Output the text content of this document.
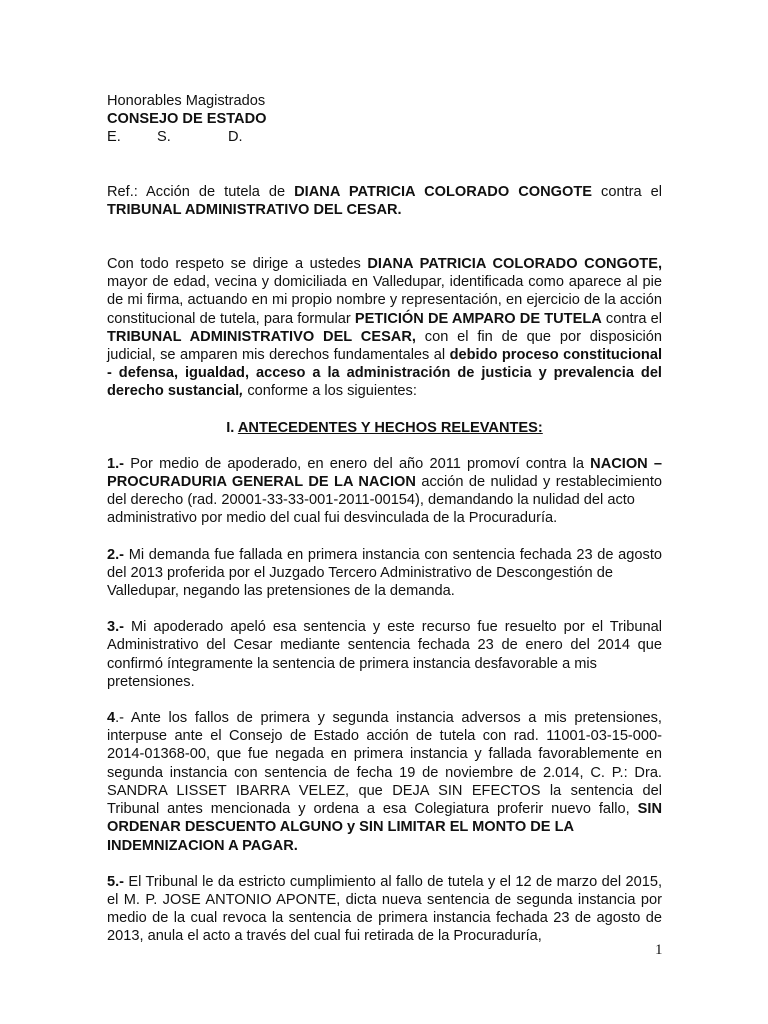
Honorables Magistrados
CONSEJO DE ESTADO
E. S.	D.
Ref.: Acción de tutela de DIANA PATRICIA COLORADO CONGOTE contra el
TRIBUNAL ADMINISTRATIVO DEL CESAR.
Con todo respeto se dirige a ustedes DIANA PATRICIA COLORADO CONGOTE, mayor de edad, vecina y domiciliada en Valledupar, identificada como aparece al pie de mi firma, actuando en mi propio nombre y representación, en ejercicio de la acción constitucional de tutela, para formular PETICIÓN DE AMPARO DE TUTELA contra el TRIBUNAL ADMINISTRATIVO DEL CESAR, con el fin de que por disposición judicial, se amparen mis derechos fundamentales al debido proceso constitucional - defensa, igualdad, acceso a la administración de justicia y prevalencia del derecho sustancial, conforme a los siguientes:
I. ANTECEDENTES Y HECHOS RELEVANTES:
1.- Por medio de apoderado, en enero del año 2011 promoví contra la NACION – PROCURADURIA GENERAL DE LA NACION acción de nulidad y restablecimiento del derecho (rad. 20001-33-33-001-2011-00154), demandando la nulidad del acto
administrativo por medio del cual fui desvinculada de la Procuraduría.
2.- Mi demanda fue fallada en primera instancia con sentencia fechada 23 de agosto del 2013 proferida por el Juzgado Tercero Administrativo de Descongestión de
Valledupar, negando las pretensiones de la demanda.
3.- Mi apoderado apeló esa sentencia y este recurso fue resuelto por el Tribunal Administrativo del Cesar mediante sentencia fechada 23 de enero del 2014 que confirmó íntegramente la sentencia de primera instancia desfavorable a mis
pretensiones.
4.- Ante los fallos de primera y segunda instancia adversos a mis pretensiones, interpuse ante el Consejo de Estado acción de tutela con rad. 11001-03-15-000-2014-01368-00, que fue negada en primera instancia y fallada favorablemente en segunda instancia con sentencia de fecha 19 de noviembre de 2.014, C. P.: Dra. SANDRA LISSET IBARRA VELEZ, que DEJA SIN EFECTOS la sentencia del Tribunal antes mencionada y ordena a esa Colegiatura proferir nuevo fallo, SIN ORDENAR DESCUENTO ALGUNO y SIN LIMITAR EL MONTO DE LA
INDEMNIZACION A PAGAR.
5.- El Tribunal le da estricto cumplimiento al fallo de tutela y el 12 de marzo del 2015, el M. P. JOSE ANTONIO APONTE, dicta nueva sentencia de segunda instancia por medio de la cual revoca la sentencia de primera instancia fechada 23 de agosto de 2013, anula el acto a través del cual fui retirada de la Procuraduría,
1
